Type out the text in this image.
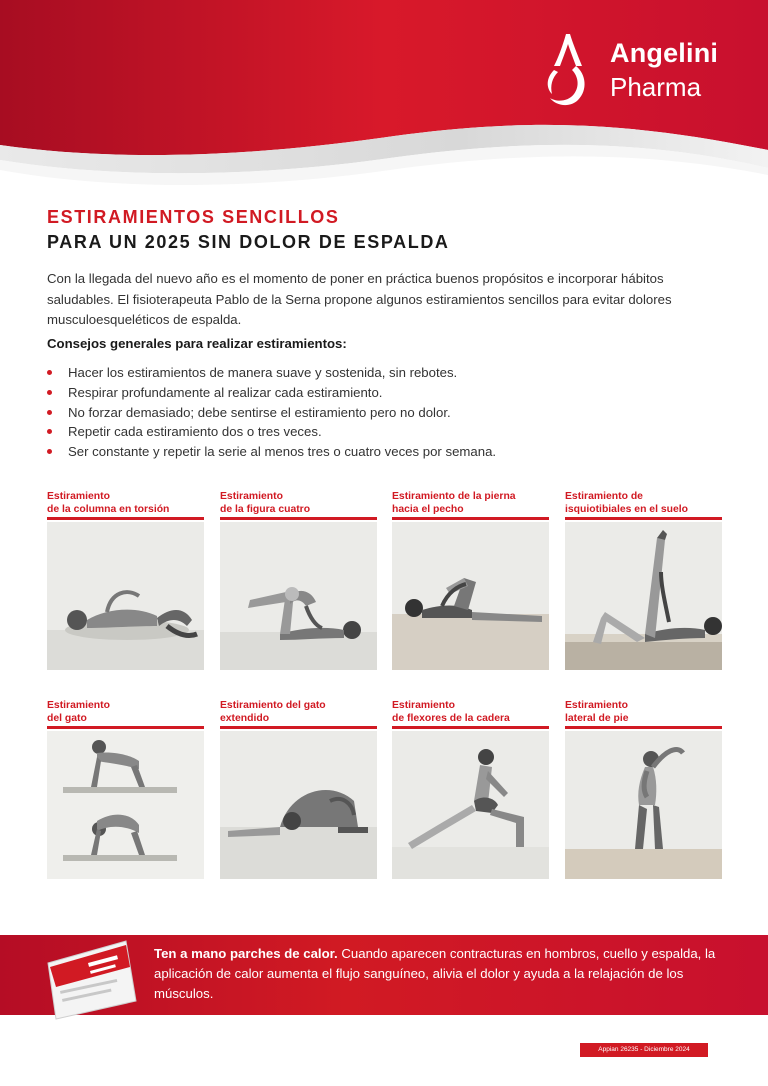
Angelini
Pharma
ESTIRAMIENTOS SENCILLOS
PARA UN 2025 SIN DOLOR DE ESPALDA

Con la llegada del nuevo año es el momento de poner en práctica buenos propósitos e incorporar hábitos saludables. El fisioterapeuta Pablo de la Serna propone algunos estiramientos sencillos para evitar dolores musculoesqueléticos de espalda.

Consejos generales para realizar estiramientos:
Hacer los estiramientos de manera suave y sostenida, sin rebotes.
Respirar profundamente al realizar cada estiramiento.
No forzar demasiado; debe sentirse el estiramiento pero no dolor.
Repetir cada estiramiento dos o tres veces.
Ser constante y repetir la serie al menos tres o cuatro veces por semana.
Estiramiento
de la columna en torsión
Estiramiento
de la figura cuatro
Estiramiento de la pierna
hacia el pecho
Estiramiento de
isquiotibiales en el suelo
Estiramiento
del gato
Estiramiento del gato
extendido
Estiramiento
de flexores de la cadera
Estiramiento
lateral de pie
Ten a mano parches de calor. Cuando aparecen contracturas en hombros, cuello y espalda, la aplicación de calor aumenta el flujo sanguíneo, alivia el dolor y ayuda a la relajación de los músculos.
Appian 26235 - Diciembre 2024
